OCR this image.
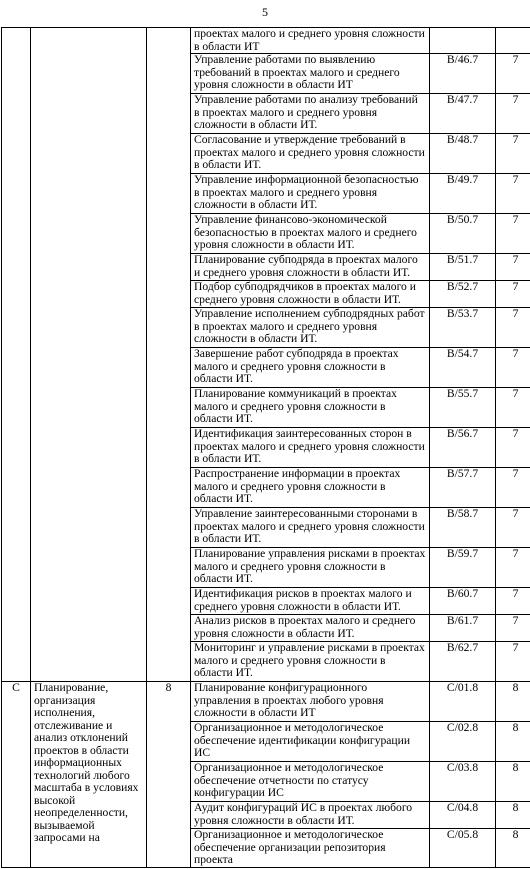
5
			проектах малого и среднего уровня сложности в области ИТ		
			Управление работами по выявлению требований в проектах малого и среднего уровня сложности в области ИТ	B/46.7	7
			Управление работами по анализу требований в проектах малого и среднего уровня сложности в области ИТ.	B/47.7	7
			Согласование и утверждение требований в проектах малого и среднего уровня сложности в области ИТ.	B/48.7	7
			Управление информационной безопасностью в проектах малого и среднего уровня сложности в области ИТ.	B/49.7	7
			Управление финансово-экономической безопасностью в проектах малого и среднего уровня сложности в области ИТ.	B/50.7	7
			Планирование субподряда в проектах малого и среднего уровня сложности в области ИТ.	B/51.7	7
			Подбор субподрядчиков в проектах малого и среднего уровня сложности в области ИТ.	B/52.7	7
			Управление исполнением субподрядных работ в проектах малого и среднего уровня сложности в области ИТ.	B/53.7	7
			Завершение работ субподряда в проектах малого и среднего уровня сложности в области ИТ.	B/54.7	7
			Планирование коммуникаций в проектах малого и среднего уровня сложности в области ИТ.	B/55.7	7
			Идентификация заинтересованных сторон в проектах малого и среднего уровня сложности в области ИТ.	B/56.7	7
			Распространение информации в проектах малого и среднего уровня сложности в области ИТ.	B/57.7	7
			Управление заинтересованными сторонами в проектах малого и среднего уровня сложности в области ИТ.	B/58.7	7
			Планирование управления рисками в проектах малого и среднего уровня сложности в области ИТ.	B/59.7	7
			Идентификация рисков в проектах малого и среднего уровня сложности в области ИТ.	B/60.7	7
			Анализ рисков в проектах малого и среднего уровня сложности в области ИТ.	B/61.7	7
			Мониторинг и управление рисками в проектах малого и среднего уровня сложности в области ИТ.	B/62.7	7
C	Планирование, организация исполнения, отслеживание и анализ отклонений проектов в области информационных технологий любого масштаба в условиях высокой неопределенности, вызываемой запросами на	8	Планирование конфигурационного управления в проектах любого уровня сложности в области ИТ	C/01.8	8
			Организационное и методологическое обеспечение идентификации конфигурации ИС	C/02.8	8
			Организационное и методологическое обеспечение отчетности по статусу конфигурации ИС	C/03.8	8
			Аудит конфигураций ИС в проектах любого уровня сложности в области ИТ.	C/04.8	8
			Организационное и методологическое обеспечение организации репозитория проекта	C/05.8	8
